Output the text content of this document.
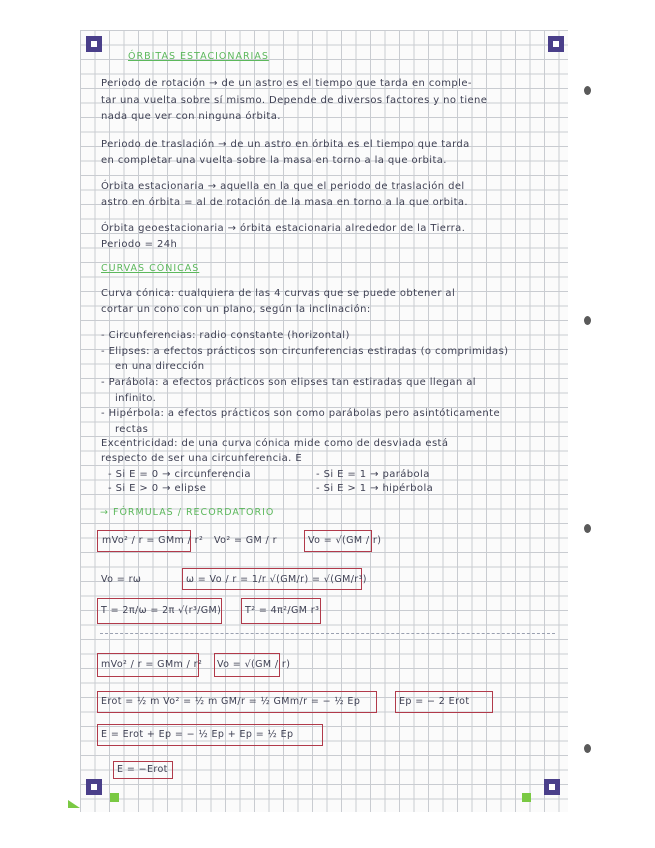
ÓRBITAS ESTACIONARIAS
Periodo de rotación → de un astro es el tiempo que tarda en comple-
tar una vuelta sobre sí mismo. Depende de diversos factores y no tiene
nada que ver con ninguna órbita.
Periodo de traslación → de un astro en órbita es el tiempo que tarda
en completar una vuelta sobre la masa en torno a la que orbita.
Órbita estacionaria → aquella en la que el periodo de traslación del
astro en órbita = al de rotación de la masa en torno a la que orbita.
Órbita geoestacionaria → órbita estacionaria alrededor de la Tierra.
Periodo = 24h
CURVAS CÓNICAS
Curva cónica: cualquiera de las 4 curvas que se puede obtener al
cortar un cono con un plano, según la inclinación:
- Circunferencias: radio constante (horizontal)
- Elipses: a efectos prácticos son circunferencias estiradas (o comprimidas)
en una dirección
- Parábola: a efectos prácticos son elipses tan estiradas que llegan al
infinito.
- Hipérbola: a efectos prácticos son como parábolas pero asintóticamente
rectas
Excentricidad: de una curva cónica mide como de desviada está
respecto de ser una circunferencia. E
- Si E = 0 → circunferencia	- Si E = 1 → parábola
- Si E > 0 → elipse	- Si E > 1 → hipérbola
→ FÓRMULAS / RECORDATORIO
mVo² / r = GMm / r² Vo² = GM / r	Vo = √(GM / r)
Vo = rω	ω = Vo / r = 1/r √(GM/r) = √(GM/r³)
T = 2π/ω = 2π √(r³/GM)	T² = 4π²/GM r³
mVo² / r = GMm / r² Vo = √(GM / r)
Erot = ½ m Vo² = ½ m GM/r = ½ GMm/r = − ½ Ep	Ep = − 2 Erot
E = Erot + Ep = − ½ Ep + Ep = ½ Ep
E = −Erot
